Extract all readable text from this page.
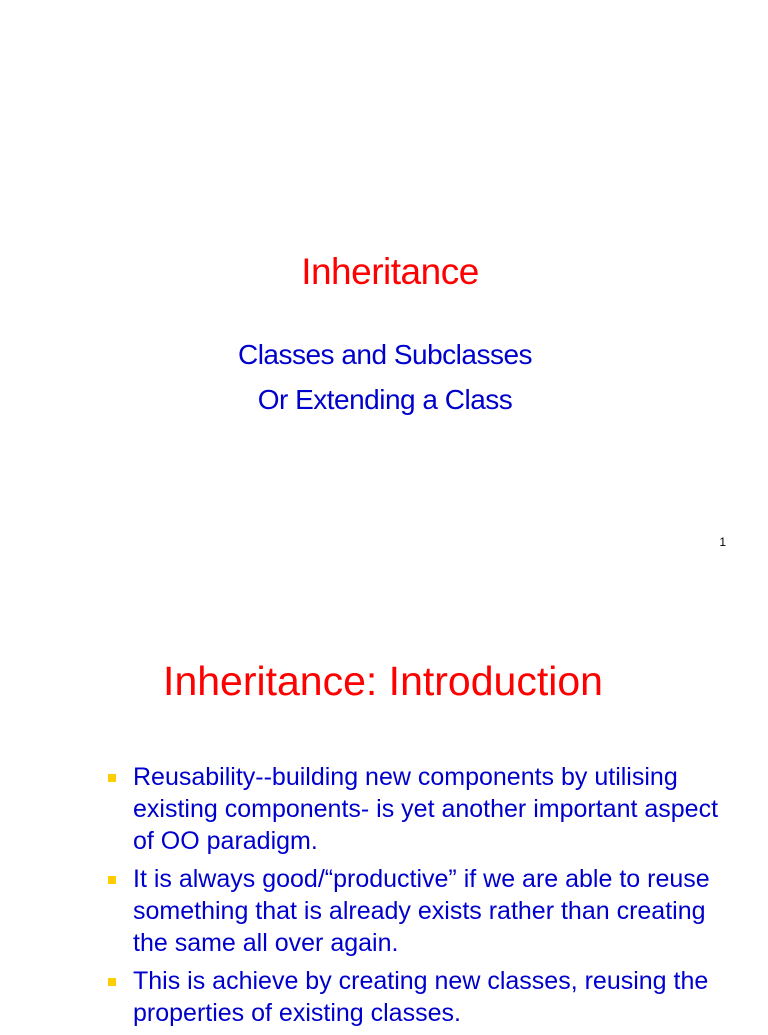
Inheritance
Classes and Subclasses
Or Extending a Class
1
Inheritance: Introduction
Reusability--building new components by utilising existing components- is yet another important aspect of OO paradigm.
It is always good/“productive” if we are able to reuse something that is already exists rather than creating the same all over again.
This is achieve by creating new classes, reusing the properties of existing classes.
